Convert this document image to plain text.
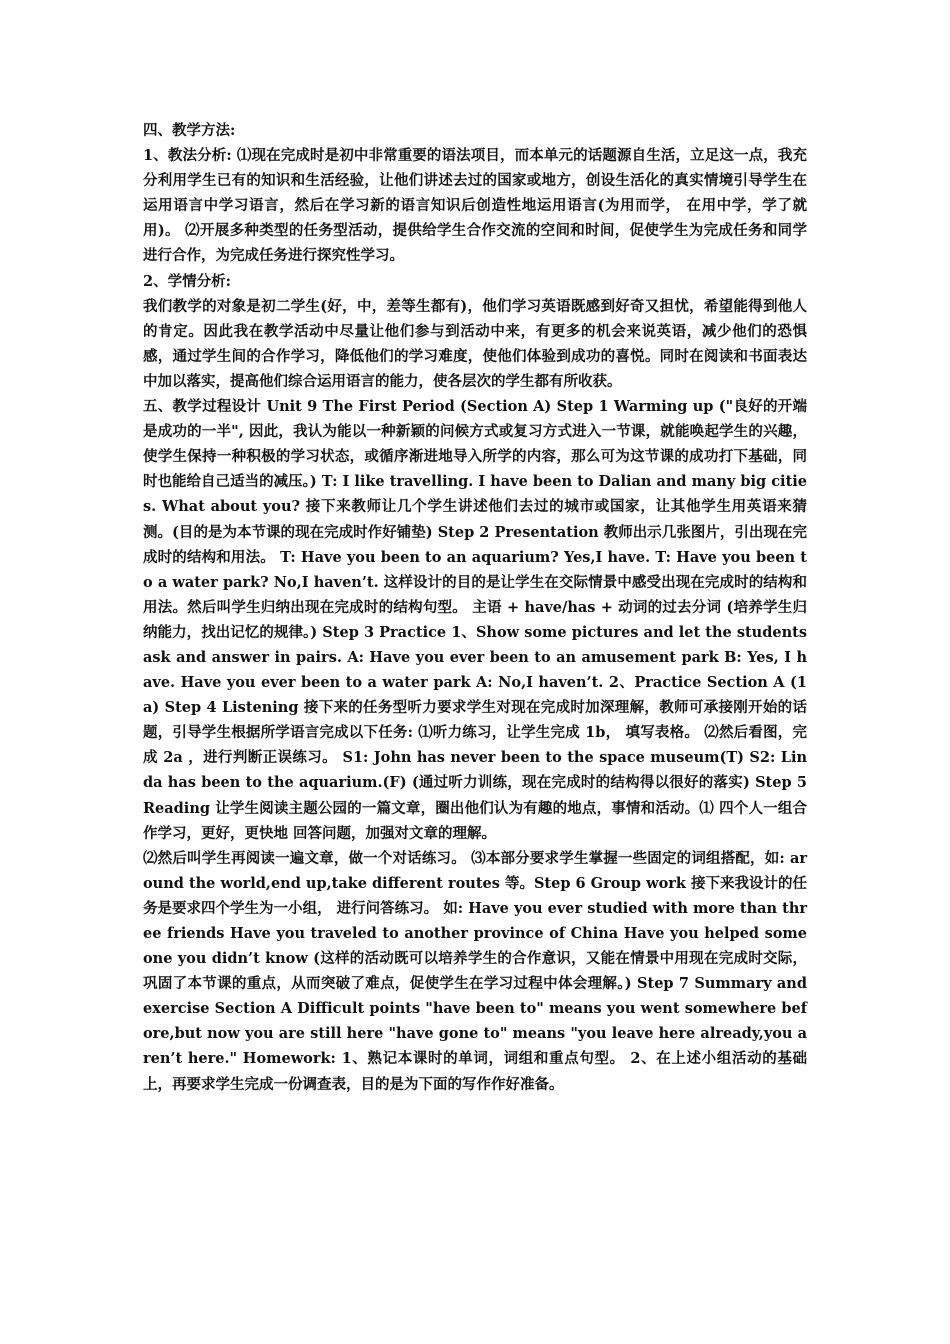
四、教学方法:

1、教法分析: ⑴现在完成时是初中非常重要的语法项目，而本单元的话题源自生活，立足这一点，我充分利用学生已有的知识和生活经验，让他们讲述去过的国家或地方，创设生活化的真实情境引导学生在 运用语言中学习语言，然后在学习新的语言知识后创造性地运用语言(为用而学， 在用中学，学了就用)。 ⑵开展多种类型的任务型活动，提供给学生合作交流的空间和时间，促使学生为完成任务和同学进行合作，为完成任务进行探究性学习。

2、学情分析:

我们教学的对象是初二学生(好，中，差等生都有)，他们学习英语既感到好奇又担忧，希望能得到他人的肯定。因此我在教学活动中尽量让他们参与到活动中来，有更多的机会来说英语，减少他们的恐惧感，通过学生间的合作学习，降低他们的学习难度，使他们体验到成功的喜悦。同时在阅读和书面表达中加以落实，提高他们综合运用语言的能力，使各层次的学生都有所收获。

五、教学过程设计 Unit 9 The First Period (Section A) Step 1 Warming up ("良好的开端是成功的一半", 因此，我认为能以一种新颖的问候方式或复习方式进入一节课，就能唤起学生的兴趣，使学生保持一种积极的学习状态，或循序渐进地导入所学的内容，那么可为这节课的成功打下基础，同时也能给自己适当的减压。) T: I like travelling. I have been to Dalian and many big cities. What about you? 接下来教师让几个学生讲述他们去过的城市或国家，让其他学生用英语来猜测。(目的是为本节课的现在完成时作好铺垫) Step 2 Presentation 教师出示几张图片，引出现在完成时的结构和用法。 T: Have you been to an aquarium? Yes,I have. T: Have you been to a water park? No,I haven’t. 这样设计的目的是让学生在交际情景中感受出现在完成时的结构和用法。然后叫学生归纳出现在完成时的结构句型。 主语 + have/has + 动词的过去分词 (培养学生归纳能力，找出记忆的规律。) Step 3 Practice 1、Show some pictures and let the students ask and answer in pairs. A: Have you ever been to an amusement park B: Yes, I have. Have you ever been to a water park A: No,I haven’t. 2、Practice Section A (1a) Step 4 Listening 接下来的任务型听力要求学生对现在完成时加深理解，教师可承接刚开始的话题，引导学生根据所学语言完成以下任务: ⑴听力练习，让学生完成 1b， 填写表格。 ⑵然后看图，完成 2a ，进行判断正误练习。 S1: John has never been to the space museum(T) S2: Linda has been to the aquarium.(F) (通过听力训练，现在完成时的结构得以很好的落实) Step 5 Reading 让学生阅读主题公园的一篇文章，圈出他们认为有趣的地点，事情和活动。⑴ 四个人一组合作学习，更好，更快地 回答问题，加强对文章的理解。

⑵然后叫学生再阅读一遍文章，做一个对话练习。 ⑶本部分要求学生掌握一些固定的词组搭配，如: around the world,end up,take different routes 等。Step 6 Group work 接下来我设计的任务是要求四个学生为一小组， 进行问答练习。 如: Have you ever studied with more than three friends Have you traveled to another province of China Have you helped someone you didn’t know (这样的活动既可以培养学生的合作意识，又能在情景中用现在完成时交际，巩固了本节课的重点，从而突破了难点，促使学生在学习过程中体会理解。) Step 7 Summary and exercise Section A Difficult points "have been to" means you went somewhere before,but now you are still here "have gone to" means "you leave here already,you aren’t here." Homework: 1、熟记本课时的单词，词组和重点句型。 2、在上述小组活动的基础上，再要求学生完成一份调查表，目的是为下面的写作作好准备。
